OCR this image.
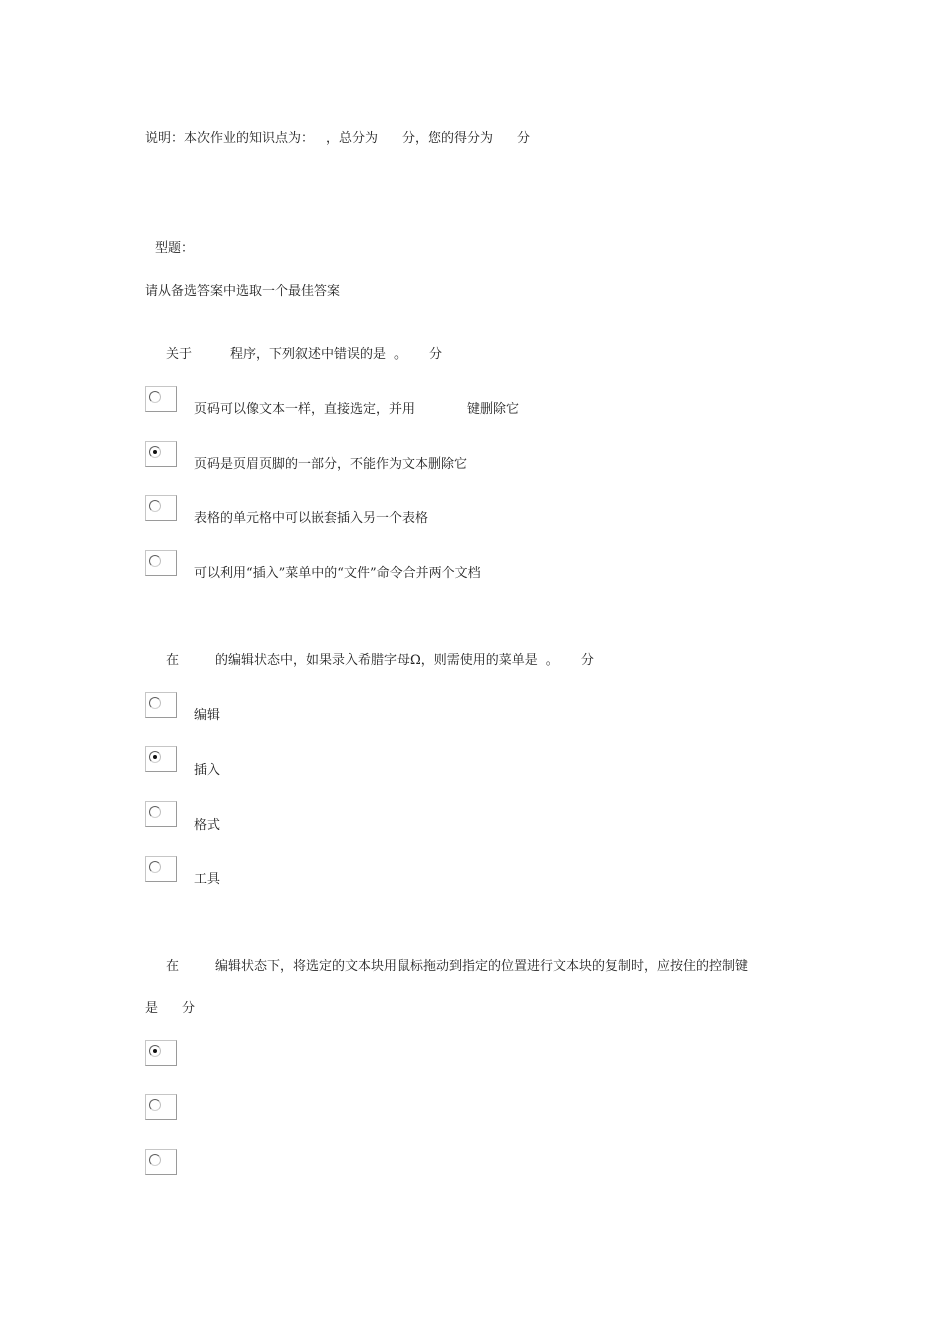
说明：本次作业的知识点为： ，总分为 分，您的得分为 分
型题：
请从备选答案中选取一个最佳答案
关于	程序，下列叙述中错误的是 。 分
页码可以像文本一样，直接选定，并用	键删除它
页码是页眉页脚的一部分，不能作为文本删除它
表格的单元格中可以嵌套插入另一个表格
可以利用“插入”菜单中的“文件”命令合并两个文档
在	的编辑状态中，如果录入希腊字母Ω，则需使用的菜单是 。 分
编辑
插入
格式
工具
在	编辑状态下，将选定的文本块用鼠标拖动到指定的位置进行文本块的复制时，应按住的控制键
是 分
